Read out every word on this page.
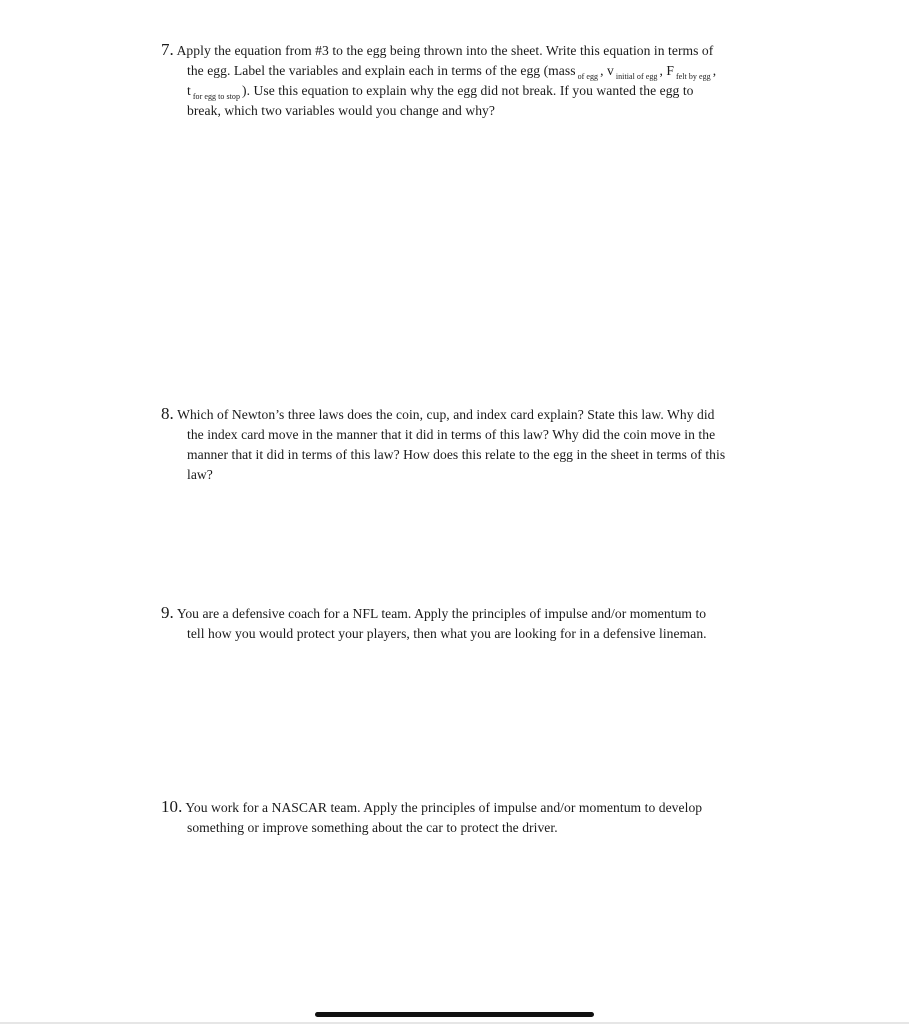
7. Apply the equation from #3 to the egg being thrown into the sheet. Write this equation in terms of
the egg. Label the variables and explain each in terms of the egg (mass $_{of egg}$ , v $_{initial of egg}$ , F $_{felt by egg}$ ,
t $_{for egg to stop}$ ). Use this equation to explain why the egg did not break. If you wanted the egg to
break, which two variables would you change and why?
8. Which of Newton’s three laws does the coin, cup, and index card explain? State this law. Why did
the index card move in the manner that it did in terms of this law? Why did the coin move in the
manner that it did in terms of this law? How does this relate to the egg in the sheet in terms of this
law?
9. You are a defensive coach for a NFL team. Apply the principles of impulse and/or momentum to
tell how you would protect your players, then what you are looking for in a defensive lineman.
10. You work for a NASCAR team. Apply the principles of impulse and/or momentum to develop
something or improve something about the car to protect the driver.
